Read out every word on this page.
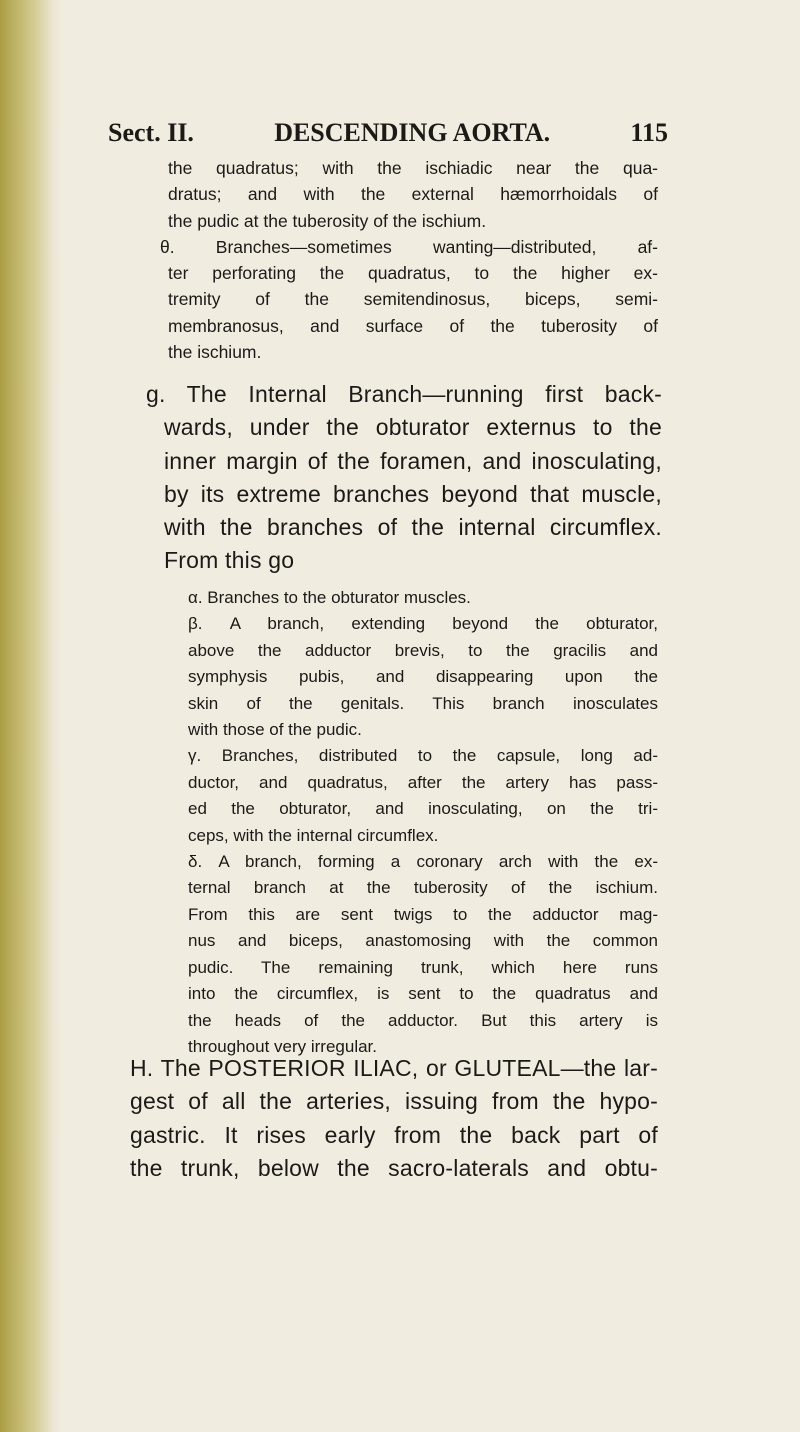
Sect. II.	DESCENDING AORTA.	115
the quadratus; with the ischiadic near the qua-
dratus; and with the external hæmorrhoidals of
the pudic at the tuberosity of the ischium.
θ. Branches—sometimes wanting—distributed, af-
ter perforating the quadratus, to the higher ex-
tremity of the semitendinosus, biceps, semi-
membranosus, and surface of the tuberosity of
the ischium.
g. The Internal Branch—running first back-
wards, under the obturator externus to the
inner margin of the foramen, and inosculating,
by its extreme branches beyond that muscle,
with the branches of the internal circumflex.
From this go
α. Branches to the obturator muscles.
β. A branch, extending beyond the obturator,
above the adductor brevis, to the gracilis and
symphysis pubis, and disappearing upon the
skin of the genitals. This branch inosculates
with those of the pudic.
γ. Branches, distributed to the capsule, long ad-
ductor, and quadratus, after the artery has pass-
ed the obturator, and inosculating, on the tri-
ceps, with the internal circumflex.
δ. A branch, forming a coronary arch with the ex-
ternal branch at the tuberosity of the ischium.
From this are sent twigs to the adductor mag-
nus and biceps, anastomosing with the common
pudic. The remaining trunk, which here runs
into the circumflex, is sent to the quadratus and
the heads of the adductor. But this artery is
throughout very irregular.
H. The POSTERIOR ILIAC, or GLUTEAL—the lar-
gest of all the arteries, issuing from the hypo-
gastric. It rises early from the back part of
the trunk, below the sacro-laterals and obtu-
